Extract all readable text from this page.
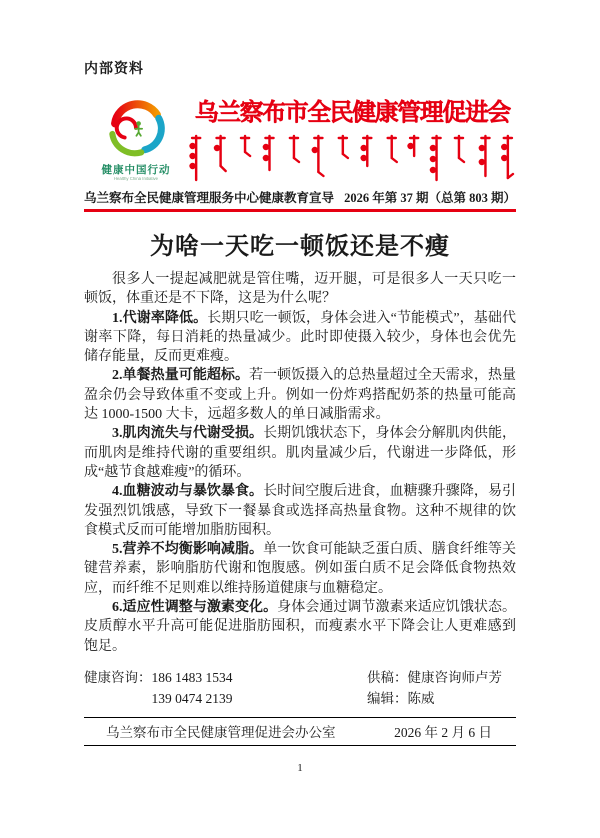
内部资料
健康中国行动
Healthy China Initiative
乌兰察布市全民健康管理促进会
乌兰察布全民健康管理服务中心健康教育宣导 2026 年第 37 期（总第 803 期）
为啥一天吃一顿饭还是不瘦

很多人一提起减肥就是管住嘴，迈开腿，可是很多人一天只吃一顿饭，体重还是不下降，这是为什么呢？

1.代谢率降低。长期只吃一顿饭，身体会进入“节能模式”，基础代谢率下降，每日消耗的热量减少。此时即使摄入较少，身体也会优先储存能量，反而更难瘦。

2.单餐热量可能超标。若一顿饭摄入的总热量超过全天需求，热量盈余仍会导致体重不变或上升。例如一份炸鸡搭配奶茶的热量可能高达 1000-1500 大卡，远超多数人的单日减脂需求。

3.肌肉流失与代谢受损。长期饥饿状态下，身体会分解肌肉供能，而肌肉是维持代谢的重要组织。肌肉量减少后，代谢进一步降低，形成“越节食越难瘦”的循环。

4.血糖波动与暴饮暴食。长时间空腹后进食，血糖骤升骤降，易引发强烈饥饿感，导致下一餐暴食或选择高热量食物。这种不规律的饮食模式反而可能增加脂肪囤积。

5.营养不均衡影响减脂。单一饮食可能缺乏蛋白质、膳食纤维等关键营养素，影响脂肪代谢和饱腹感。例如蛋白质不足会降低食物热效应，而纤维不足则难以维持肠道健康与血糖稳定。

6.适应性调整与激素变化。身体会通过调节激素来适应饥饿状态。皮质醇水平升高可能促进脂肪囤积，而瘦素水平下降会让人更难感到饱足。

健康咨询： 186 1483 1534
139 0474 2139
供稿： 健康咨询师卢芳
编辑： 陈威
乌兰察布市全民健康管理促进会办公室	2026 年 2 月 6 日
1
